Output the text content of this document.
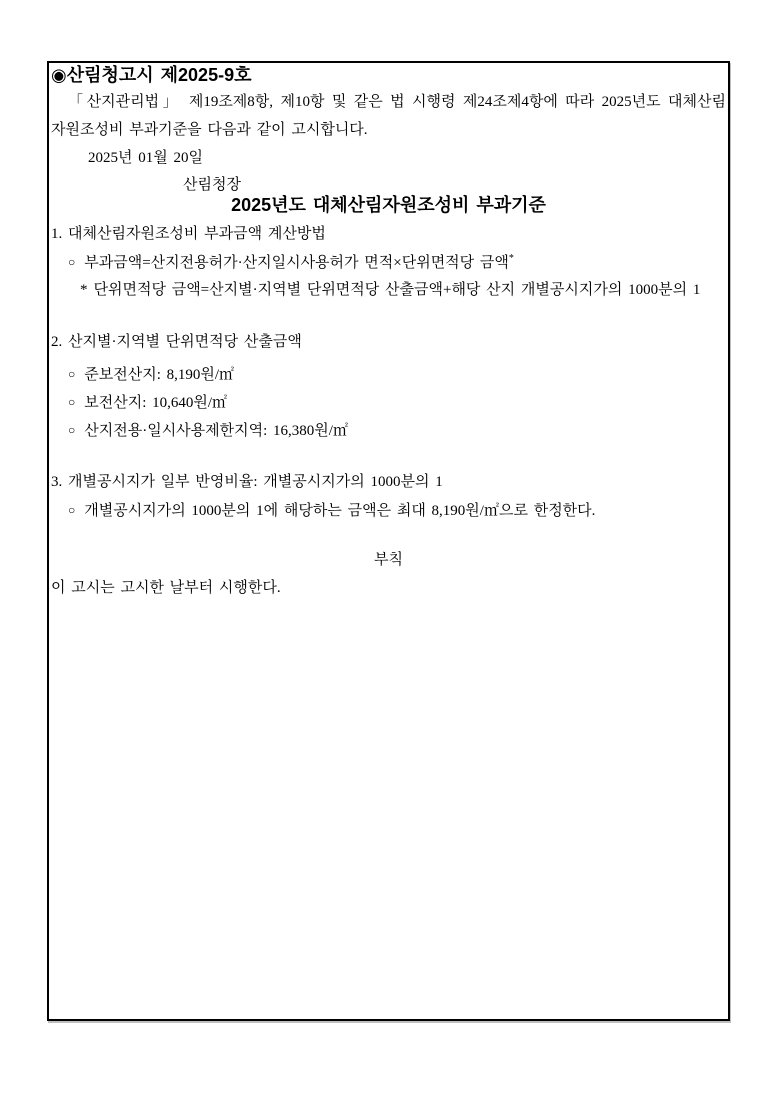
◉산림청고시 제2025-9호
「산지관리법」 제19조제8항, 제10항 및 같은 법 시행령 제24조제4항에 따라 2025년도 대체산림
자원조성비 부과기준을 다음과 같이 고시합니다.
2025년 01월 20일
산림청장
2025년도 대체산림자원조성비 부과기준
1. 대체산림자원조성비 부과금액 계산방법
○ 부과금액=산지전용허가·산지일시사용허가 면적×단위면적당 금액*
* 단위면적당 금액=산지별·지역별 단위면적당 산출금액+해당 산지 개별공시지가의 1000분의 1
2. 산지별·지역별 단위면적당 산출금액
○ 준보전산지: 8,190원/㎡
○ 보전산지: 10,640원/㎡
○ 산지전용·일시사용제한지역: 16,380원/㎡
3. 개별공시지가 일부 반영비율: 개별공시지가의 1000분의 1
○ 개별공시지가의 1000분의 1에 해당하는 금액은 최대 8,190원/㎡으로 한정한다.
부칙
이 고시는 고시한 날부터 시행한다.
